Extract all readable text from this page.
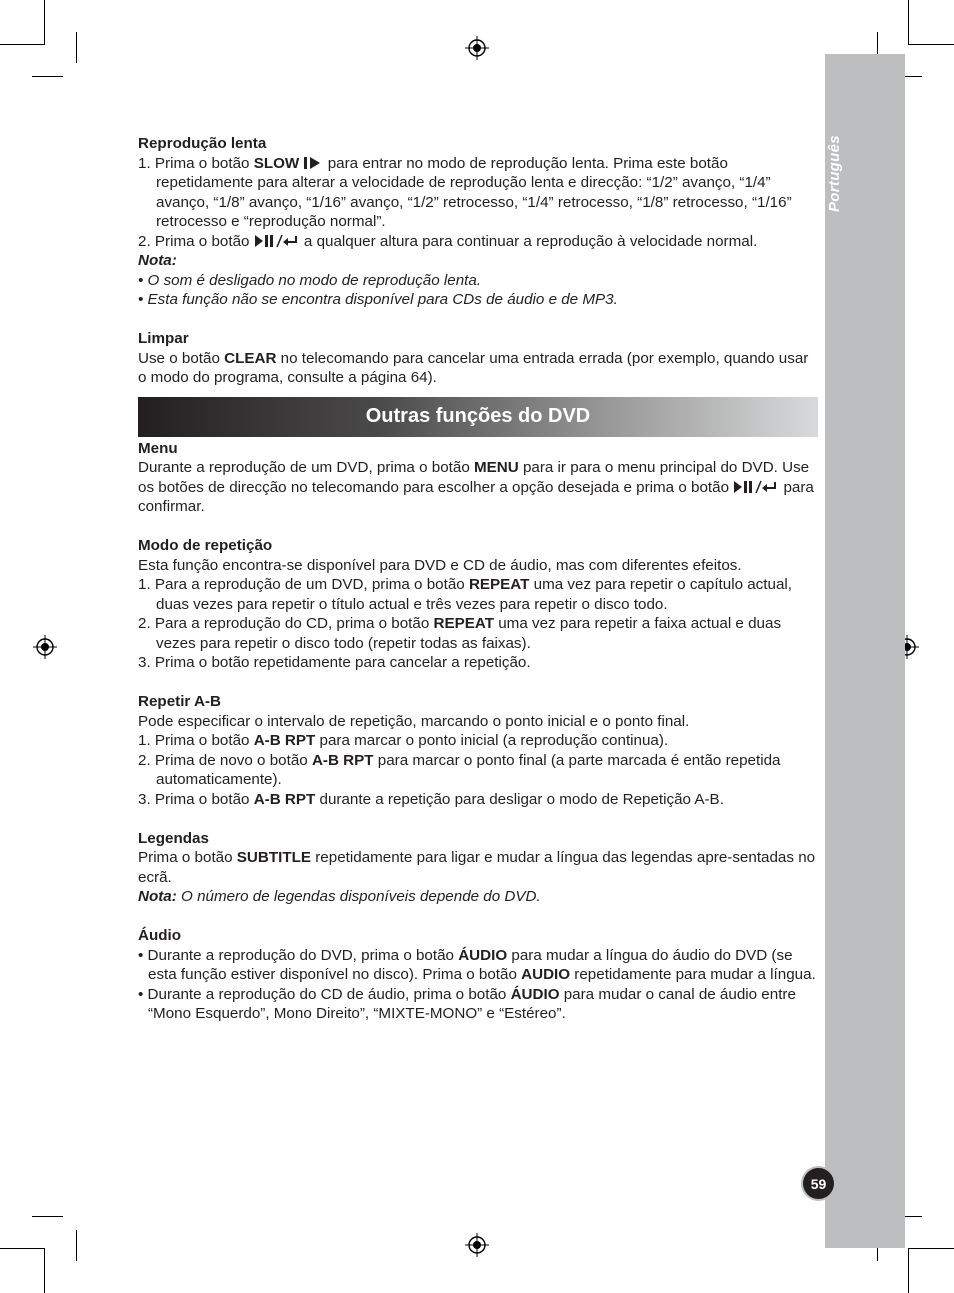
Português
59

Reprodução lenta

1. Prima o botão SLOW  para entrar no modo de reprodução lenta. Prima este botão repetidamente para alterar a velocidade de reprodução lenta e direcção: “1/2” avanço, “1/4” avanço, “1/8” avanço, “1/16” avanço, “1/2” retrocesso, “1/4” retrocesso, “1/8” retrocesso, “1/16” retrocesso e “reprodução normal”.

2. Prima o botão	a qualquer altura para continuar a reprodução à velocidade normal.

Nota:

• O som é desligado no modo de reprodução lenta.

• Esta função não se encontra disponível para CDs de áudio e de MP3.

Limpar

Use o botão CLEAR no telecomando para cancelar uma entrada errada (por exemplo, quando usar o modo do programa, consulte a página 64).

Outras funções do DVD

Menu

Durante a reprodução de um DVD, prima o botão MENU para ir para o menu principal do DVD. Use os botões de direcção no telecomando para escolher a opção desejada e prima o botão	para confirmar.

Modo de repetição

Esta função encontra-se disponível para DVD e CD de áudio, mas com diferentes efeitos.

1. Para a reprodução de um DVD, prima o botão REPEAT uma vez para repetir o capítulo actual, duas vezes para repetir o título actual e três vezes para repetir o disco todo.

2. Para a reprodução do CD, prima o botão REPEAT uma vez para repetir a faixa actual e duas vezes para repetir o disco todo (repetir todas as faixas).

3. Prima o botão repetidamente para cancelar a repetição.

Repetir A-B

Pode especificar o intervalo de repetição, marcando o ponto inicial e o ponto final.

1. Prima o botão A-B RPT para marcar o ponto inicial (a reprodução continua).

2. Prima de novo o botão A-B RPT para marcar o ponto final (a parte marcada é então repetida automaticamente).

3. Prima o botão A-B RPT durante a repetição para desligar o modo de Repetição A-B.

Legendas

Prima o botão SUBTITLE repetidamente para ligar e mudar a língua das legendas apre-sentadas no ecrã.

Nota: O número de legendas disponíveis depende do DVD.

Áudio

• Durante a reprodução do DVD, prima o botão ÁUDIO para mudar a língua do áudio do DVD (se esta função estiver disponível no disco). Prima o botão AUDIO repetidamente para mudar a língua.

• Durante a reprodução do CD de áudio, prima o botão ÁUDIO para mudar o canal de áudio entre “Mono Esquerdo”, Mono Direito”, “MIXTE-MONO” e “Estéreo”.
